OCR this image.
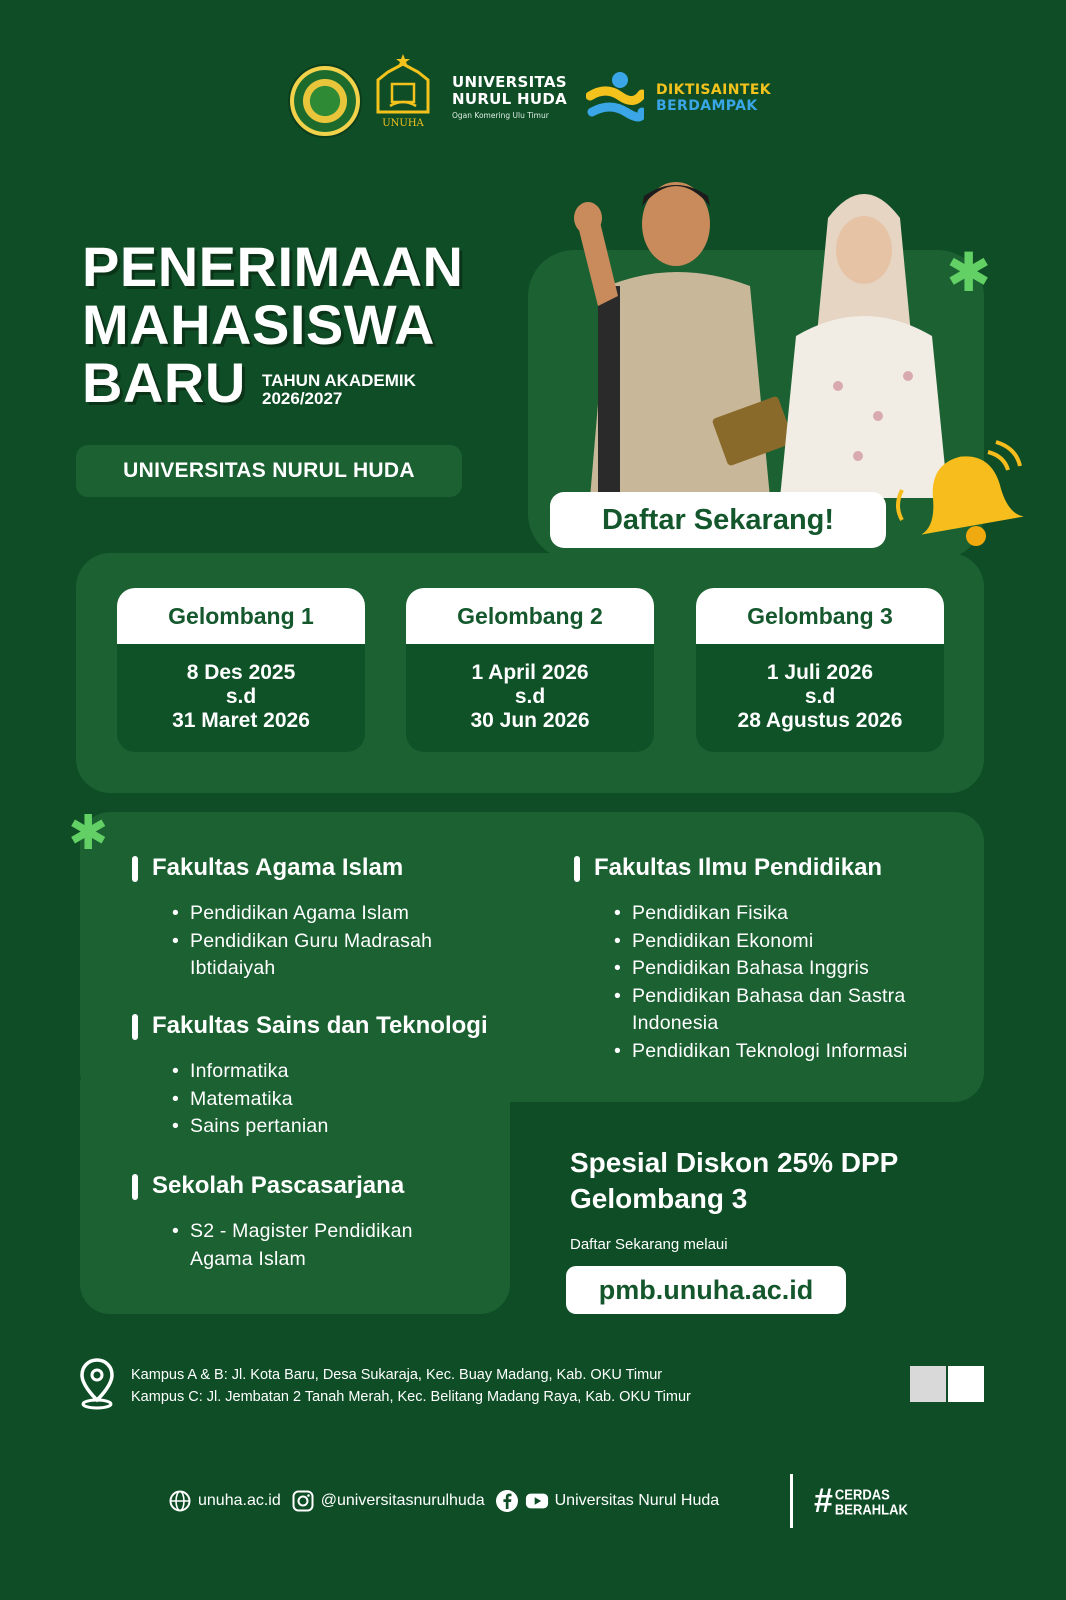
UNUHA
UNIVERSITAS
NURUL HUDA
Ogan Komering Ulu Timur
DIKTISAINTEK
BERDAMPAK
PENERIMAAN
MAHASISWA
BARU TAHUN AKADEMIK
2026/2027
UNIVERSITAS NURUL HUDA
Daftar Sekarang!
✱
Gelombang 1
8 Des 2025
s.d
31 Maret 2026
Gelombang 2
1 April 2026
s.d
30 Jun 2026
Gelombang 3
1 Juli 2026
s.d
28 Agustus 2026
✱
Fakultas Agama Islam
• Pendidikan Agama Islam
• Pendidikan Guru Madrasah Ibtidaiyah
Fakultas Sains dan Teknologi
• Informatika
• Matematika
• Sains pertanian
Sekolah Pascasarjana
• S2 - Magister Pendidikan Agama Islam
Fakultas Ilmu Pendidikan
• Pendidikan Fisika
• Pendidikan Ekonomi
• Pendidikan Bahasa Inggris
• Pendidikan Bahasa dan Sastra Indonesia
• Pendidikan Teknologi Informasi
Spesial Diskon 25% DPP
Gelombang 3
Daftar Sekarang melaui
pmb.unuha.ac.id
Kampus A & B: Jl. Kota Baru, Desa Sukaraja, Kec. Buay Madang, Kab. OKU Timur
Kampus C: Jl. Jembatan 2 Tanah Merah, Kec. Belitang Madang Raya, Kab. OKU Timur
unuha.ac.id	@universitasnurulhuda	Universitas Nurul Huda	# CERDAS
BERAHLAK
